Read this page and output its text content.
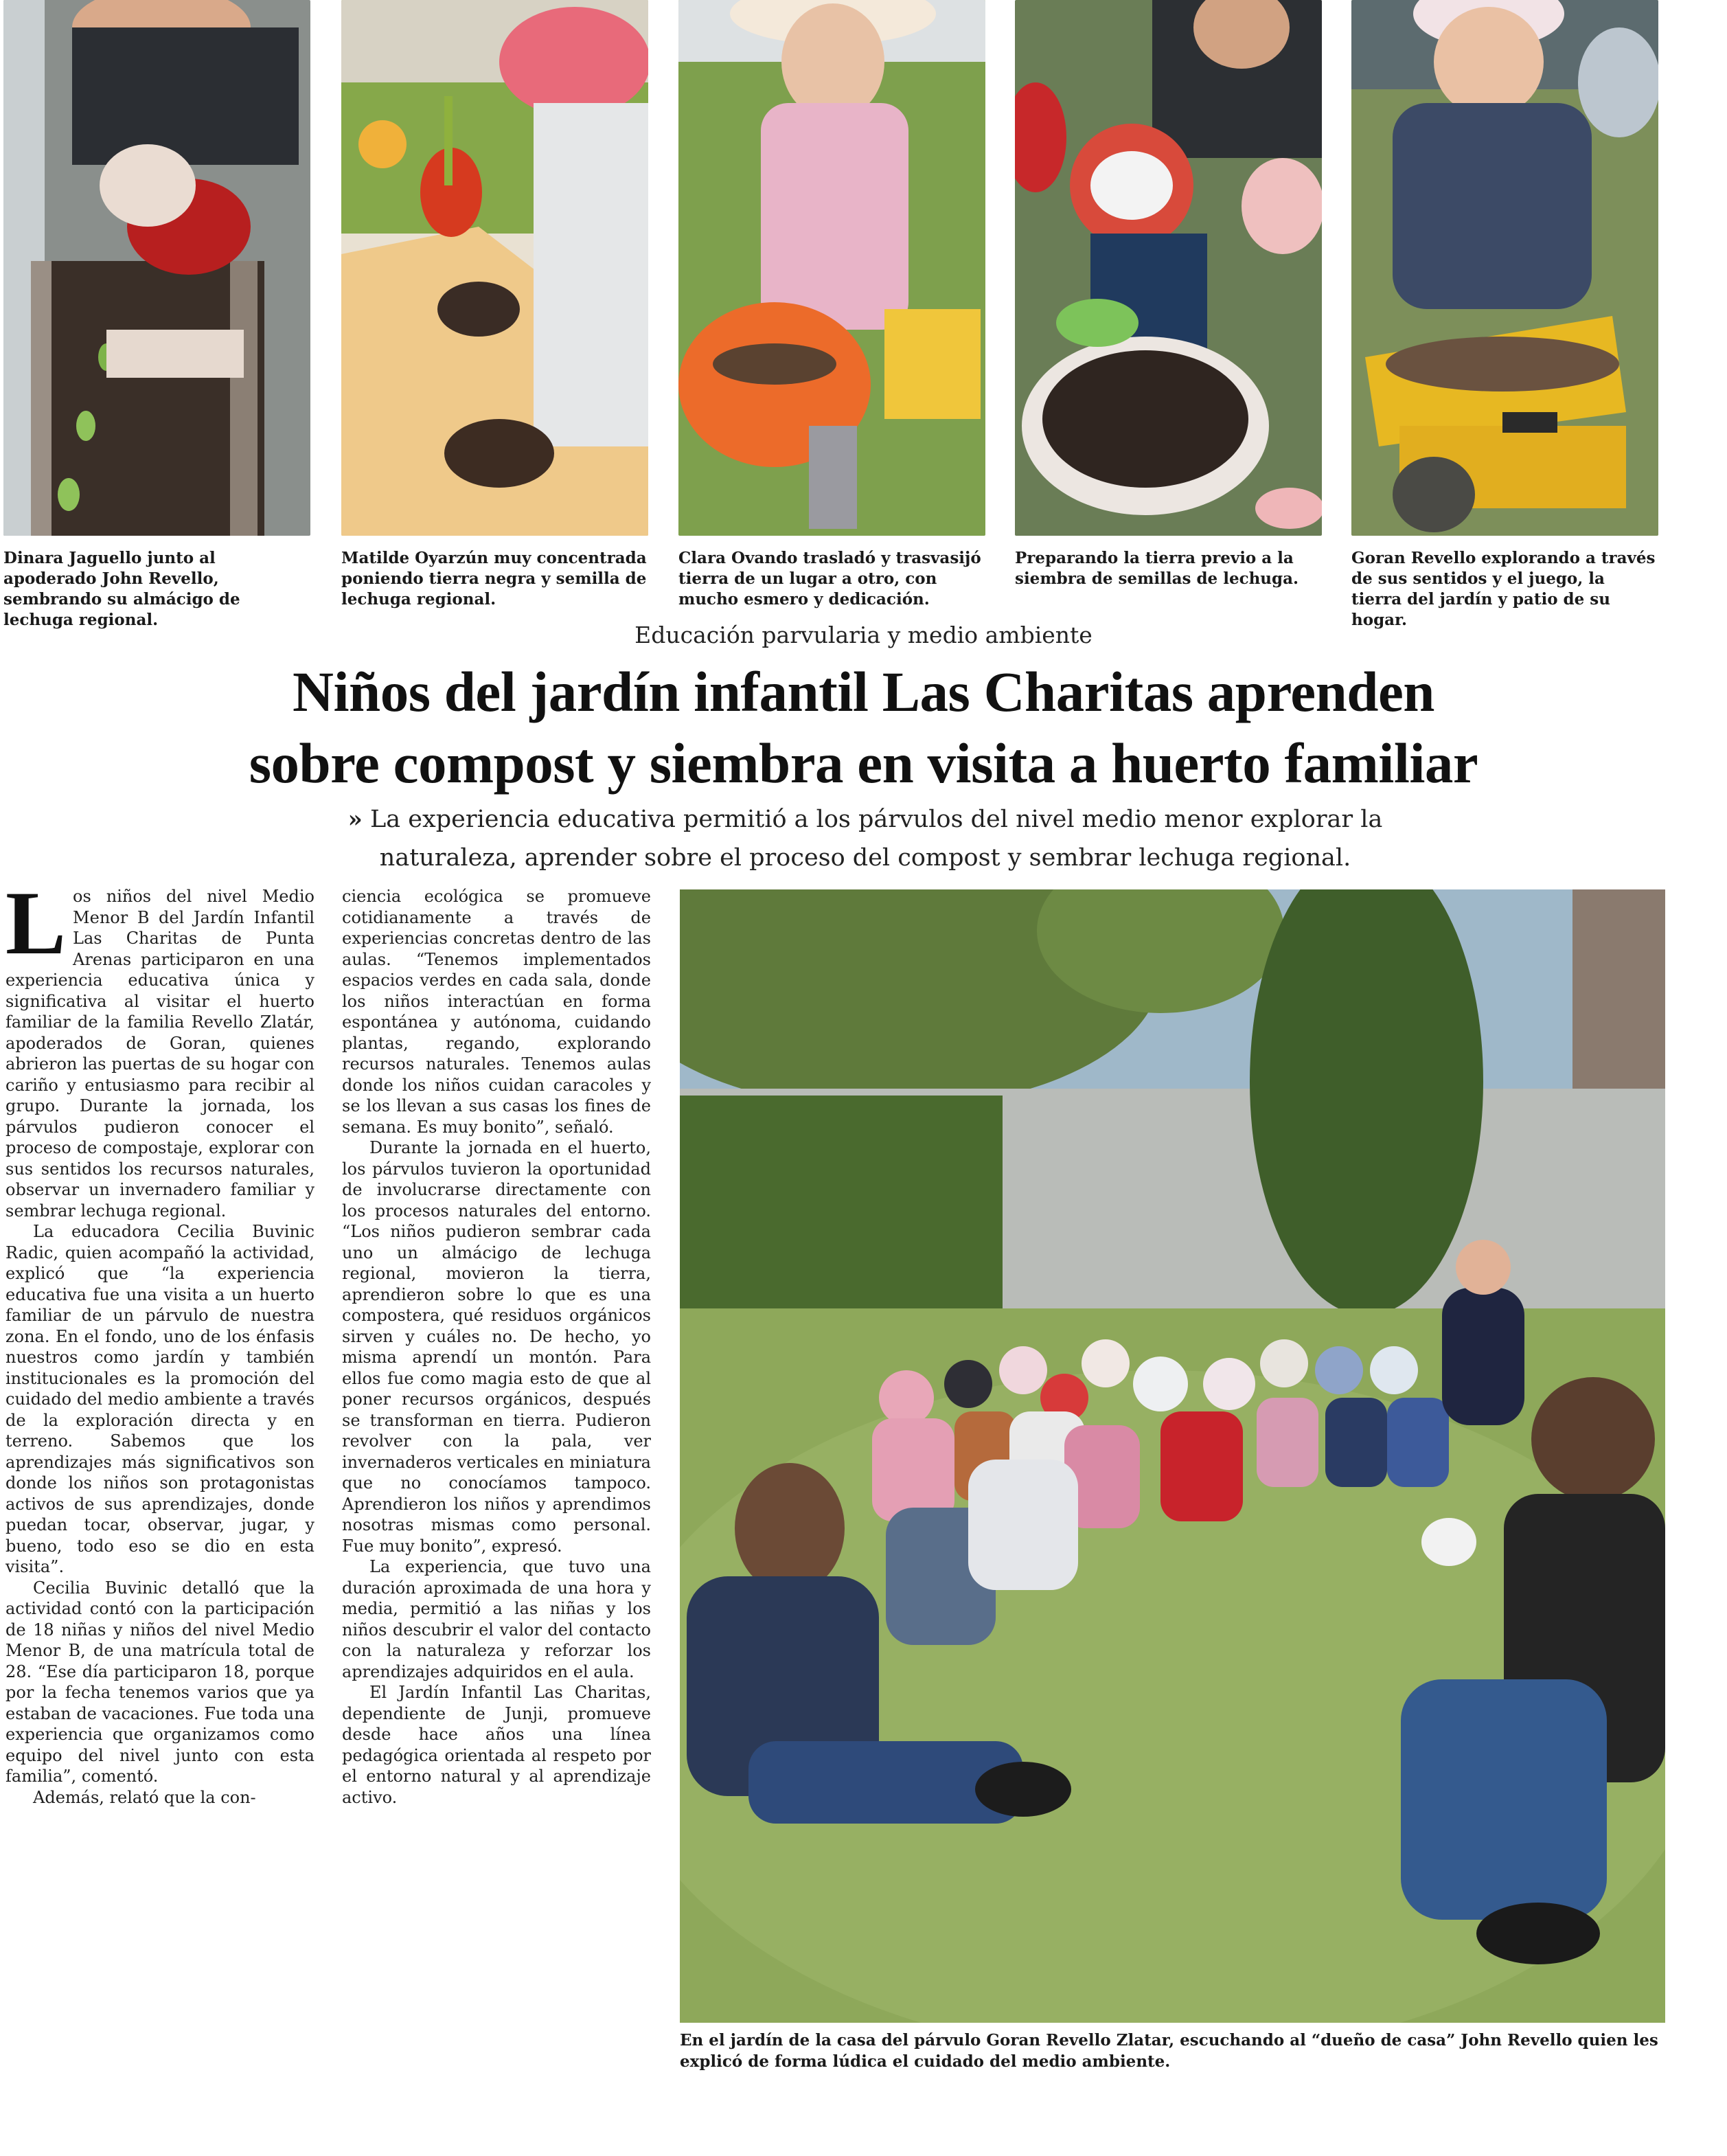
Dinara Jaguello junto al apoderado John Revello, sembrando su almácigo de lechuga regional.
Matilde Oyarzún muy concentrada poniendo tierra negra y semilla de lechuga regional.
Clara Ovando trasladó y trasvasijó tierra de un lugar a otro, con mucho esmero y dedicación.
Preparando la tierra previo a la siembra de semillas de lechuga.
Goran Revello explorando a través de sus sentidos y el juego, la tierra del jardín y patio de su hogar.
Educación parvularia y medio ambiente
Niños del jardín infantil Las Charitas aprenden
sobre compost y siembra en visita a huerto familiar
» La experiencia educativa permitió a los párvulos del nivel medio menor explorar la naturaleza, aprender sobre el proceso del compost y sembrar lechuga regional.

Los niños del nivel Medio Menor B del Jardín Infantil Las Charitas de Punta Arenas participaron en una experiencia educativa única y significativa al visitar el huerto familiar de la familia Revello Zlatár, apoderados de Goran, quienes abrieron las puertas de su hogar con cariño y entusiasmo para recibir al grupo. Durante la jornada, los párvulos pudieron conocer el proceso de compostaje, explorar con sus sentidos los recursos naturales, observar un invernadero familiar y sembrar lechuga regional.

La educadora Cecilia Buvinic Radic, quien acompañó la actividad, explicó que “la experiencia educativa fue una visita a un huerto familiar de un párvulo de nuestra zona. En el fondo, uno de los énfasis nuestros como jardín y también institucionales es la promoción del cuidado del medio ambiente a través de la exploración directa y en terreno. Sabemos que los aprendizajes más significativos son donde los niños son protagonistas activos de sus aprendizajes, donde puedan tocar, observar, jugar, y bueno, todo eso se dio en esta visita”.

Cecilia Buvinic detalló que la actividad contó con la participación de 18 niñas y niños del nivel Medio Menor B, de una matrícula total de 28. “Ese día participaron 18, porque por la fecha tenemos varios que ya estaban de vacaciones. Fue toda una experiencia que organizamos como equipo del nivel junto con esta familia”, comentó.

Además, relató que la con-

ciencia ecológica se promueve cotidianamente a través de experiencias concretas dentro de las aulas. “Tenemos implementados espacios verdes en cada sala, donde los niños interactúan en forma espontánea y autónoma, cuidando plantas, regando, explorando recursos naturales. Tenemos aulas donde los niños cuidan caracoles y se los llevan a sus casas los fines de semana. Es muy bonito”, señaló.

Durante la jornada en el huerto, los párvulos tuvieron la oportunidad de involucrarse directamente con los procesos naturales del entorno. “Los niños pudieron sembrar cada uno un almácigo de lechuga regional, movieron la tierra, aprendieron sobre lo que es una compostera, qué residuos orgánicos sirven y cuáles no. De hecho, yo misma aprendí un montón. Para ellos fue como magia esto de que al poner recursos orgánicos, después se transforman en tierra. Pudieron revolver con la pala, ver invernaderos verticales en miniatura que no conocíamos tampoco. Aprendieron los niños y aprendimos nosotras mismas como personal. Fue muy bonito”, expresó.

La experiencia, que tuvo una duración aproximada de una hora y media, permitió a las niñas y los niños descubrir el valor del contacto con la naturaleza y reforzar los aprendizajes adquiridos en el aula.

El Jardín Infantil Las Charitas, dependiente de Junji, promueve desde hace años una línea pedagógica orientada al respeto por el entorno natural y al aprendizaje activo.

En el jardín de la casa del párvulo Goran Revello Zlatar, escuchando al “dueño de casa” John Revello quien les explicó de forma lúdica el cuidado del medio ambiente.
